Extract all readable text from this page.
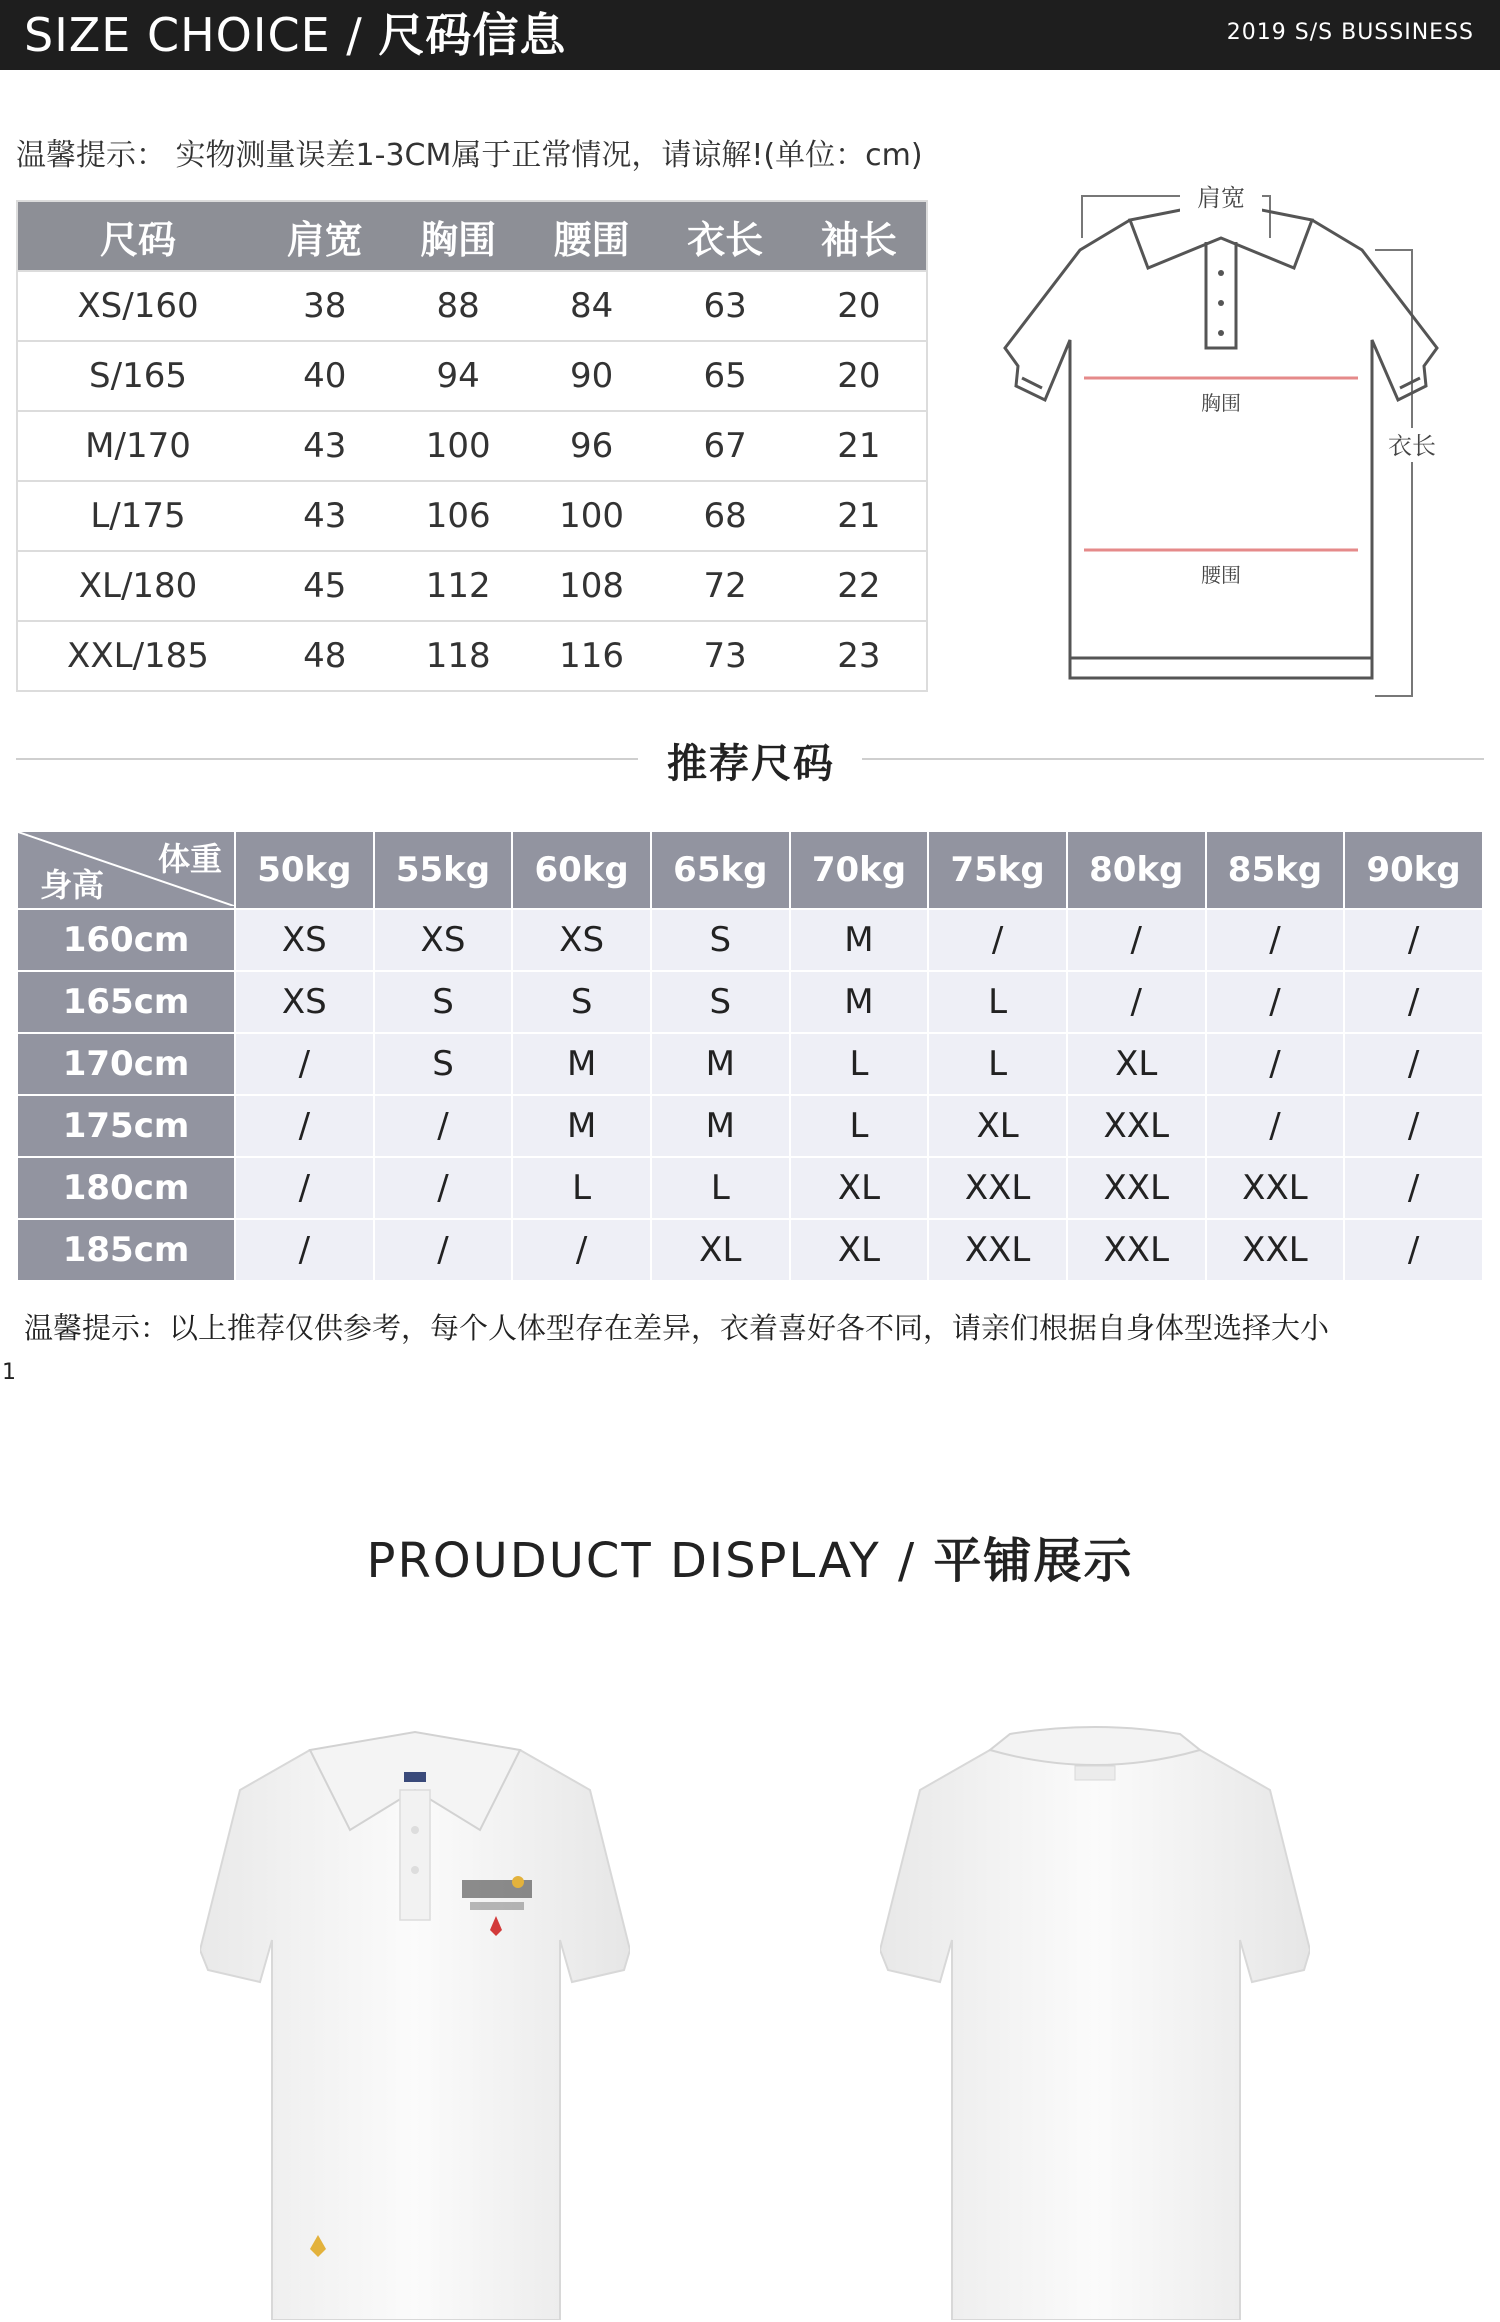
SIZE CHOICE / 尺码信息	2019 S/S BUSSINESS
温馨提示： 实物测量误差1-3CM属于正常情况，请谅解!(单位：cm)
尺码	肩宽	胸围	腰围	衣长	袖长
XS/160	38	88	84	63	20
S/165	40	94	90	65	20
M/170	43	100	96	67	21
L/175	43	106	100	68	21
XL/180	45	112	108	72	22
XXL/185	48	118	116	73	23
肩宽
胸围
腰围
衣长
推荐尺码
体重
身高	50kg	55kg	60kg	65kg	70kg	75kg	80kg	85kg	90kg
160cm	XS	XS	XS	S	M	/	/	/	/
165cm	XS	S	S	S	M	L	/	/	/
170cm	/	S	M	M	L	L	XL	/	/
175cm	/	/	M	M	L	XL	XXL	/	/
180cm	/	/	L	L	XL	XXL	XXL	XXL	/
185cm	/	/	/	XL	XL	XXL	XXL	XXL	/
温馨提示：以上推荐仅供参考，每个人体型存在差异，衣着喜好各不同，请亲们根据自身体型选择大小
1
PROUDUCT DISPLAY / 平铺展示
